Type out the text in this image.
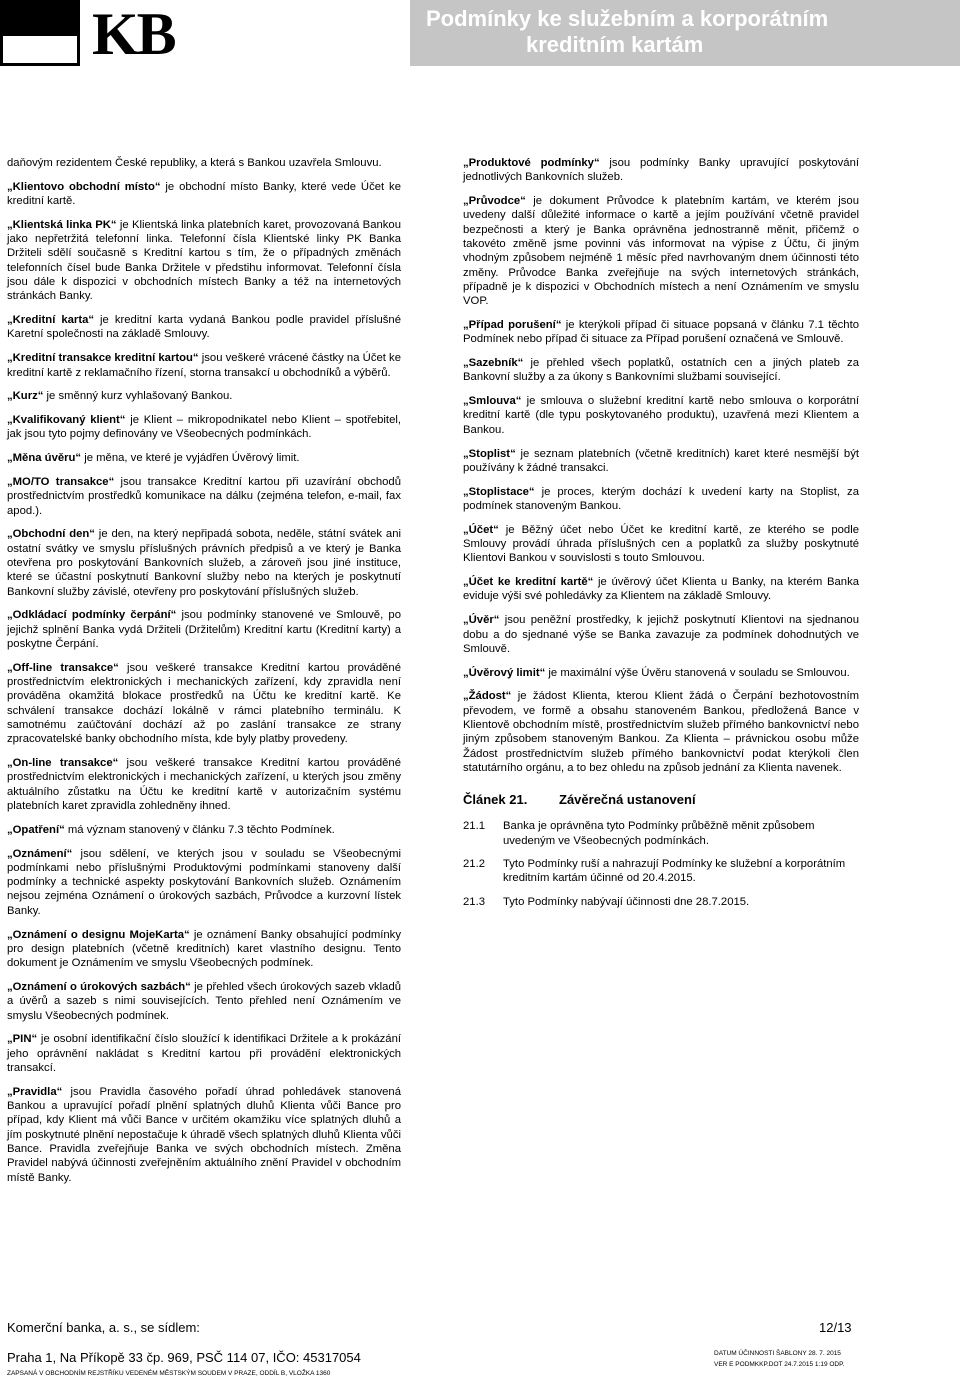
KB	Podmínky ke služebním a korporátním
kreditním kartám

daňovým rezidentem České republiky, a která s Bankou uzavřela Smlouvu.

„Klientovo obchodní místo“ je obchodní místo Banky, které vede Účet ke kreditní kartě.

„Klientská linka PK“ je Klientská linka platebních karet, provozovaná Bankou jako nepřetržitá telefonní linka. Telefonní čísla Klientské linky PK Banka Držiteli sdělí současně s Kreditní kartou s tím, že o případných změnách telefonních čísel bude Banka Držitele v předstihu informovat. Telefonní čísla jsou dále k dispozici v obchodních místech Banky a též na internetových stránkách Banky.

„Kreditní karta“ je kreditní karta vydaná Bankou podle pravidel příslušné Karetní společnosti na základě Smlouvy.

„Kreditní transakce kreditní kartou“ jsou veškeré vrácené částky na Účet ke kreditní kartě z reklamačního řízení, storna transakcí u obchodníků a výběrů.

„Kurz“ je směnný kurz vyhlašovaný Bankou.

„Kvalifikovaný klient“ je Klient – mikropodnikatel nebo Klient – spotřebitel, jak jsou tyto pojmy definovány ve Všeobecných podmínkách.

„Měna úvěru“ je měna, ve které je vyjádřen Úvěrový limit.

„MO/TO transakce“ jsou transakce Kreditní kartou při uzavírání obchodů prostřednictvím prostředků komunikace na dálku (zejména telefon, e-mail, fax apod.).

„Obchodní den“ je den, na který nepřipadá sobota, neděle, státní svátek ani ostatní svátky ve smyslu příslušných právních předpisů a ve který je Banka otevřena pro poskytování Bankovních služeb, a zároveň jsou jiné instituce, které se účastní poskytnutí Bankovní služby nebo na kterých je poskytnutí Bankovní služby závislé, otevřeny pro poskytování příslušných služeb.

„Odkládací podmínky čerpání“ jsou podmínky stanovené ve Smlouvě, po jejichž splnění Banka vydá Držiteli (Držitelům) Kreditní kartu (Kreditní karty) a poskytne Čerpání.

„Off-line transakce“ jsou veškeré transakce Kreditní kartou prováděné prostřednictvím elektronických i mechanických zařízení, kdy zpravidla není prováděna okamžitá blokace prostředků na Účtu ke kreditní kartě. Ke schválení transakce dochází lokálně v rámci platebního terminálu. K samotnému zaúčtování dochází až po zaslání transakce ze strany zpracovatelské banky obchodního místa, kde byly platby provedeny.

„On-line transakce“ jsou veškeré transakce Kreditní kartou prováděné prostřednictvím elektronických i mechanických zařízení, u kterých jsou změny aktuálního zůstatku na Účtu ke kreditní kartě v autorizačním systému platebních karet zpravidla zohledněny ihned.

„Opatření“ má význam stanovený v článku 7.3 těchto Podmínek.

„Oznámení“ jsou sdělení, ve kterých jsou v souladu se Všeobecnými podmínkami nebo příslušnými Produktovými podmínkami stanoveny další podmínky a technické aspekty poskytování Bankovních služeb. Oznámením nejsou zejména Oznámení o úrokových sazbách, Průvodce a kurzovní lístek Banky.

„Oznámení o designu MojeKarta“ je oznámení Banky obsahující podmínky pro design platebních (včetně kreditních) karet vlastního designu. Tento dokument je Oznámením ve smyslu Všeobecných podmínek.

„Oznámení o úrokových sazbách“ je přehled všech úrokových sazeb vkladů a úvěrů a sazeb s nimi souvisejících. Tento přehled není Oznámením ve smyslu Všeobecných podmínek.

„PIN“ je osobní identifikační číslo sloužící k identifikaci Držitele a k prokázání jeho oprávnění nakládat s Kreditní kartou při provádění elektronických transakcí.

„Pravidla“ jsou Pravidla časového pořadí úhrad pohledávek stanovená Bankou a upravující pořadí plnění splatných dluhů Klienta vůči Bance pro případ, kdy Klient má vůči Bance v určitém okamžiku více splatných dluhů a jím poskytnuté plnění nepostačuje k úhradě všech splatných dluhů Klienta vůči Bance. Pravidla zveřejňuje Banka ve svých obchodních místech. Změna Pravidel nabývá účinnosti zveřejněním aktuálního znění Pravidel v obchodním místě Banky.

„Produktové podmínky“ jsou podmínky Banky upravující poskytování jednotlivých Bankovních služeb.

„Průvodce“ je dokument Průvodce k platebním kartám, ve kterém jsou uvedeny další důležité informace o kartě a jejím používání včetně pravidel bezpečnosti a který je Banka oprávněna jednostranně měnit, přičemž o takovéto změně jsme povinni vás informovat na výpise z Účtu, či jiným vhodným způsobem nejméně 1 měsíc před navrhovaným dnem účinnosti této změny. Průvodce Banka zveřejňuje na svých internetových stránkách, případně je k dispozici v Obchodních místech a není Oznámením ve smyslu VOP.

„Případ porušení“ je kterýkoli případ či situace popsaná v článku 7.1 těchto Podmínek nebo případ či situace za Případ porušení označená ve Smlouvě.

„Sazebník“ je přehled všech poplatků, ostatních cen a jiných plateb za Bankovní služby a za úkony s Bankovními službami související.

„Smlouva“ je smlouva o služební kreditní kartě nebo smlouva o korporátní kreditní kartě (dle typu poskytovaného produktu), uzavřená mezi Klientem a Bankou.

„Stoplist“ je seznam platebních (včetně kreditních) karet které nesmější být používány k žádné transakci.

„Stoplistace“ je proces, kterým dochází k uvedení karty na Stoplist, za podmínek stanoveným Bankou.

„Účet“ je Běžný účet nebo Účet ke kreditní kartě, ze kterého se podle Smlouvy provádí úhrada příslušných cen a poplatků za služby poskytnuté Klientovi Bankou v souvislosti s touto Smlouvou.

„Účet ke kreditní kartě“ je úvěrový účet Klienta u Banky, na kterém Banka eviduje výši své pohledávky za Klientem na základě Smlouvy.

„Úvěr“ jsou peněžní prostředky, k jejichž poskytnutí Klientovi na sjednanou dobu a do sjednané výše se Banka zavazuje za podmínek dohodnutých ve Smlouvě.

„Úvěrový limit“ je maximální výše Úvěru stanovená v souladu se Smlouvou.

„Žádost“ je žádost Klienta, kterou Klient žádá o Čerpání bezhotovostním převodem, ve formě a obsahu stanoveném Bankou, předložená Bance v Klientově obchodním místě, prostřednictvím služeb přímého bankovnictví nebo jiným způsobem stanoveným Bankou. Za Klienta – právnickou osobu může Žádost prostřednictvím služeb přímého bankovnictví podat kterýkoli člen statutárního orgánu, a to bez ohledu na způsob jednání za Klienta navenek.

Článek 21.	Závěrečná ustanovení
21.1	Banka je oprávněna tyto Podmínky průběžně měnit způsobem uvedeným ve Všeobecných podmínkách.
21.2	Tyto Podmínky ruší a nahrazují Podmínky ke služební a korporátním kreditním kartám účinné od 20.4.2015.
21.3	Tyto Podmínky nabývají účinnosti dne 28.7.2015.
Komerční banka, a. s., se sídlem:
Praha 1, Na Příkopě 33 čp. 969, PSČ 114 07, IČO: 45317054
ZAPSANÁ V OBCHODNÍM REJSTŘÍKU VEDENÉM MĚSTSKÝM SOUDEM V PRAZE, ODDÍL B, VLOŽKA 1360
12/13
DATUM ÚČINNOSTI ŠABLONY 28. 7. 2015
VER E PODMKKP.DOT 24.7.2015 1:19 ODP.
